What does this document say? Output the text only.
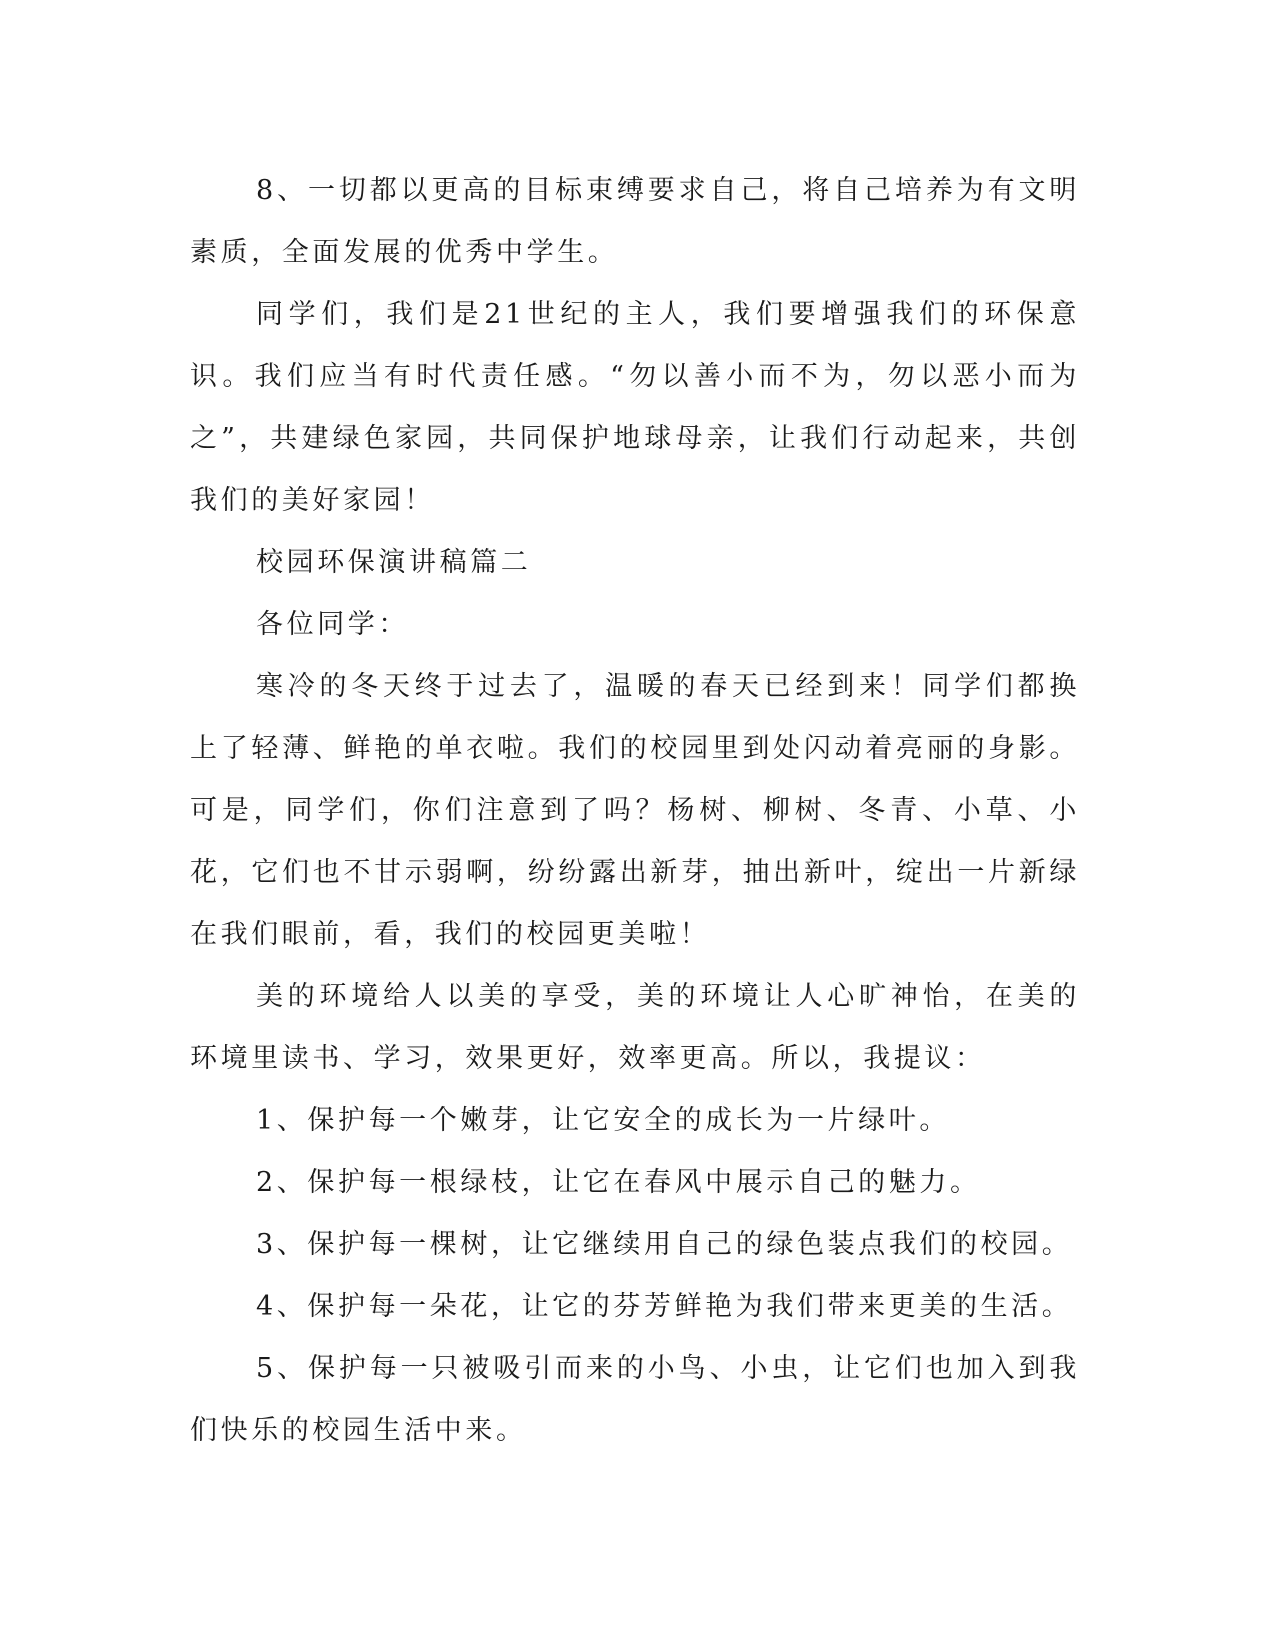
8、一切都以更高的目标束缚要求自己，将自己培养为有文明素质，全面发展的优秀中学生。

同学们，我们是21世纪的主人，我们要增强我们的环保意识。我们应当有时代责任感。“勿以善小而不为，勿以恶小而为之”，共建绿色家园，共同保护地球母亲，让我们行动起来，共创我们的美好家园！

校园环保演讲稿篇二

各位同学：

寒冷的冬天终于过去了，温暖的春天已经到来！同学们都换上了轻薄、鲜艳的单衣啦。我们的校园里到处闪动着亮丽的身影。可是，同学们，你们注意到了吗？杨树、柳树、冬青、小草、小花，它们也不甘示弱啊，纷纷露出新芽，抽出新叶，绽出一片新绿在我们眼前，看，我们的校园更美啦！

美的环境给人以美的享受，美的环境让人心旷神怡，在美的环境里读书、学习，效果更好，效率更高。所以，我提议：

1、保护每一个嫩芽，让它安全的成长为一片绿叶。

2、保护每一根绿枝，让它在春风中展示自己的魅力。

3、保护每一棵树，让它继续用自己的绿色装点我们的校园。

4、保护每一朵花，让它的芬芳鲜艳为我们带来更美的生活。

5、保护每一只被吸引而来的小鸟、小虫，让它们也加入到我们快乐的校园生活中来。
